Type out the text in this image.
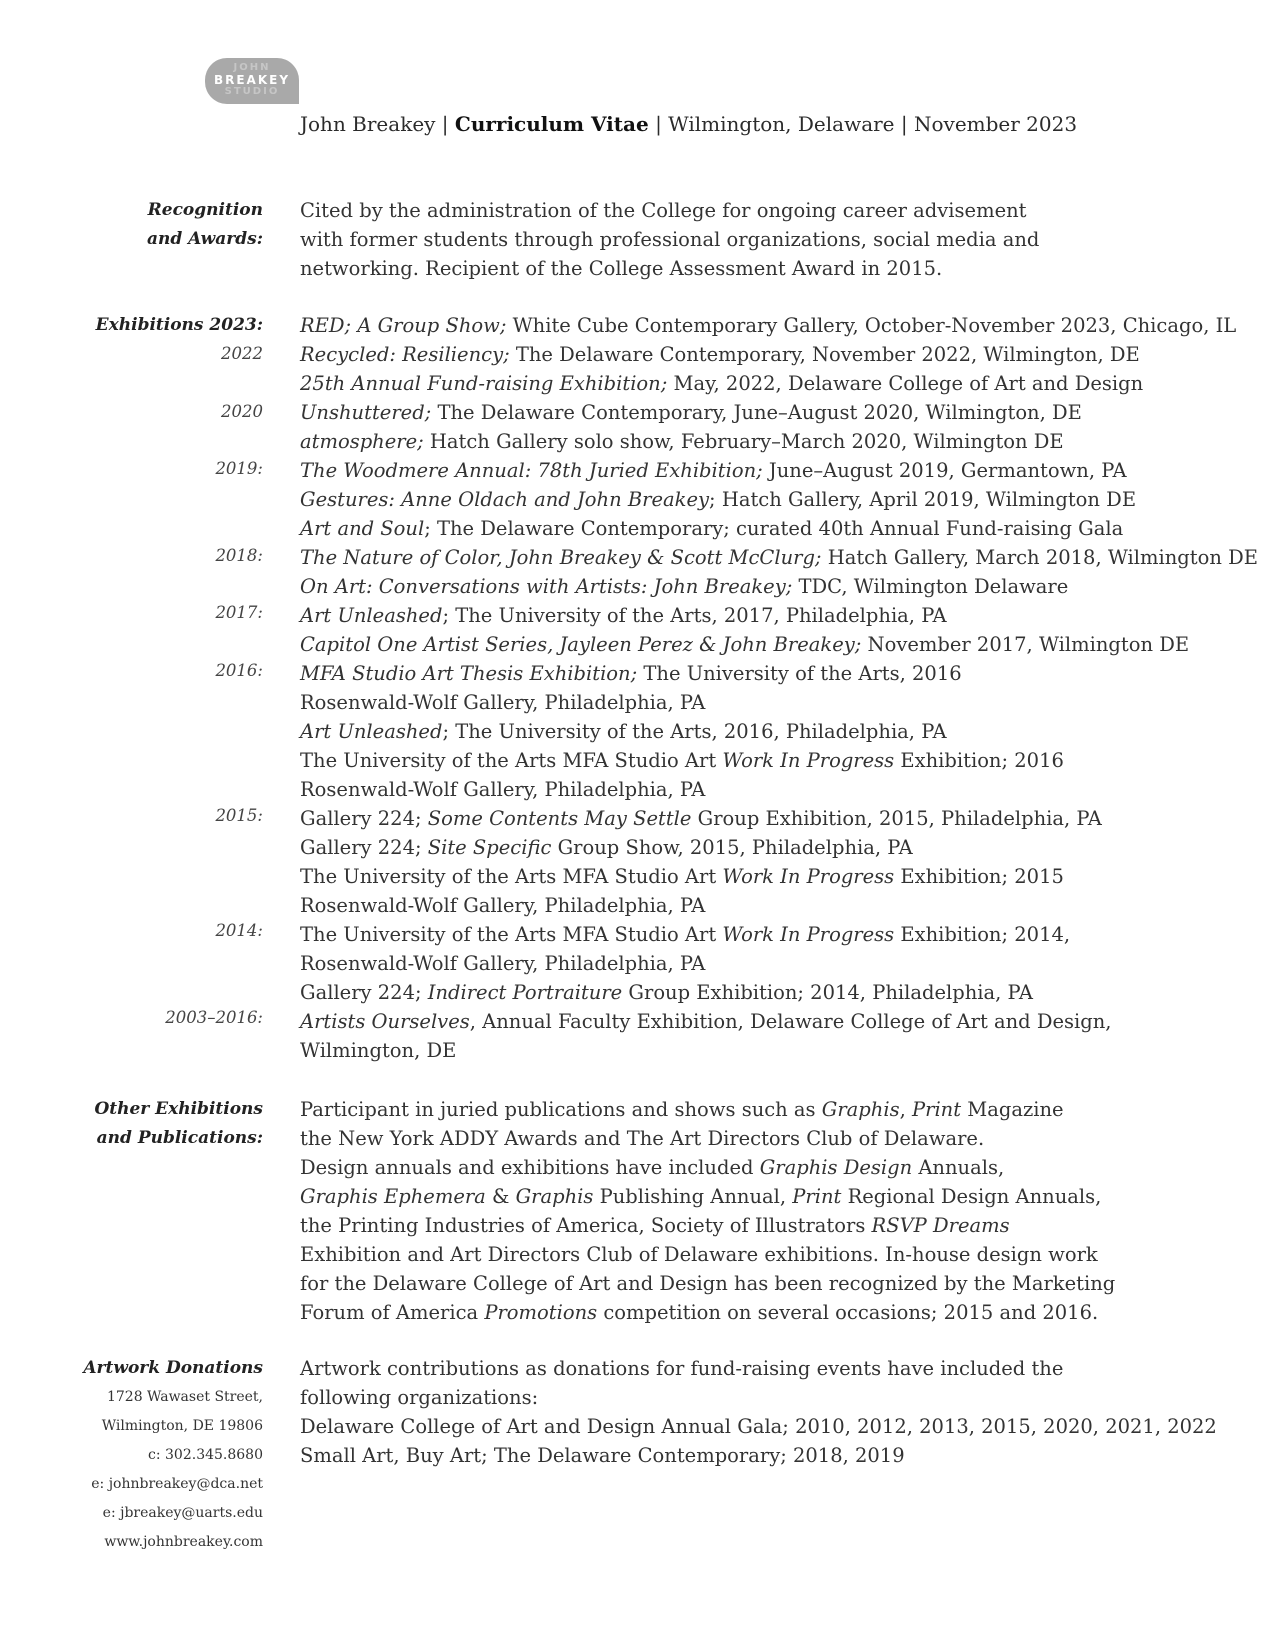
JOHN
BREAKEY
STUDIO
John Breakey | Curriculum Vitae | Wilmington, Delaware | November 2023
Recognition
and Awards:
Cited by the administration of the College for ongoing career advisement
with former students through professional organizations, social media and
networking. Recipient of the College Assessment Award in 2015.
Exhibitions 2023:
2022
2020
2019:
2018:
2017:
2016:
2015:
2014:
2003–2016:
RED; A Group Show; White Cube Contemporary Gallery, October-November 2023, Chicago, IL
Recycled: Resiliency; The Delaware Contemporary, November 2022, Wilmington, DE
25th Annual Fund-raising Exhibition; May, 2022, Delaware College of Art and Design
Unshuttered; The Delaware Contemporary, June–August 2020, Wilmington, DE
atmosphere; Hatch Gallery solo show, February–March 2020, Wilmington DE
The Woodmere Annual: 78th Juried Exhibition; June–August 2019, Germantown, PA
Gestures: Anne Oldach and John Breakey; Hatch Gallery, April 2019, Wilmington DE
Art and Soul; The Delaware Contemporary; curated 40th Annual Fund-raising Gala
The Nature of Color, John Breakey & Scott McClurg; Hatch Gallery, March 2018, Wilmington DE
On Art: Conversations with Artists: John Breakey; TDC, Wilmington Delaware
Art Unleashed; The University of the Arts, 2017, Philadelphia, PA
Capitol One Artist Series, Jayleen Perez & John Breakey; November 2017, Wilmington DE
MFA Studio Art Thesis Exhibition; The University of the Arts, 2016
Rosenwald-Wolf Gallery, Philadelphia, PA
Art Unleashed; The University of the Arts, 2016, Philadelphia, PA
The University of the Arts MFA Studio Art Work In Progress Exhibition; 2016
Rosenwald-Wolf Gallery, Philadelphia, PA
Gallery 224; Some Contents May Settle Group Exhibition, 2015, Philadelphia, PA
Gallery 224; Site Specific Group Show, 2015, Philadelphia, PA
The University of the Arts MFA Studio Art Work In Progress Exhibition; 2015
Rosenwald-Wolf Gallery, Philadelphia, PA
The University of the Arts MFA Studio Art Work In Progress Exhibition; 2014,
Rosenwald-Wolf Gallery, Philadelphia, PA
Gallery 224; Indirect Portraiture Group Exhibition; 2014, Philadelphia, PA
Artists Ourselves, Annual Faculty Exhibition, Delaware College of Art and Design,
Wilmington, DE
Other Exhibitions
and Publications:
Participant in juried publications and shows such as Graphis, Print Magazine
the New York ADDY Awards and The Art Directors Club of Delaware.
Design annuals and exhibitions have included Graphis Design Annuals,
Graphis Ephemera & Graphis Publishing Annual, Print Regional Design Annuals,
the Printing Industries of America, Society of Illustrators RSVP Dreams
Exhibition and Art Directors Club of Delaware exhibitions. In-house design work
for the Delaware College of Art and Design has been recognized by the Marketing
Forum of America Promotions competition on several occasions; 2015 and 2016.
Artwork Donations Artwork contributions as donations for fund-raising events have included the
following organizations:
Delaware College of Art and Design Annual Gala; 2010, 2012, 2013, 2015, 2020, 2021, 2022
Small Art, Buy Art; The Delaware Contemporary; 2018, 2019
1728 Wawaset Street,
Wilmington, DE 19806
c: 302.345.8680
e: johnbreakey@dca.net
e: jbreakey@uarts.edu
www.johnbreakey.com
